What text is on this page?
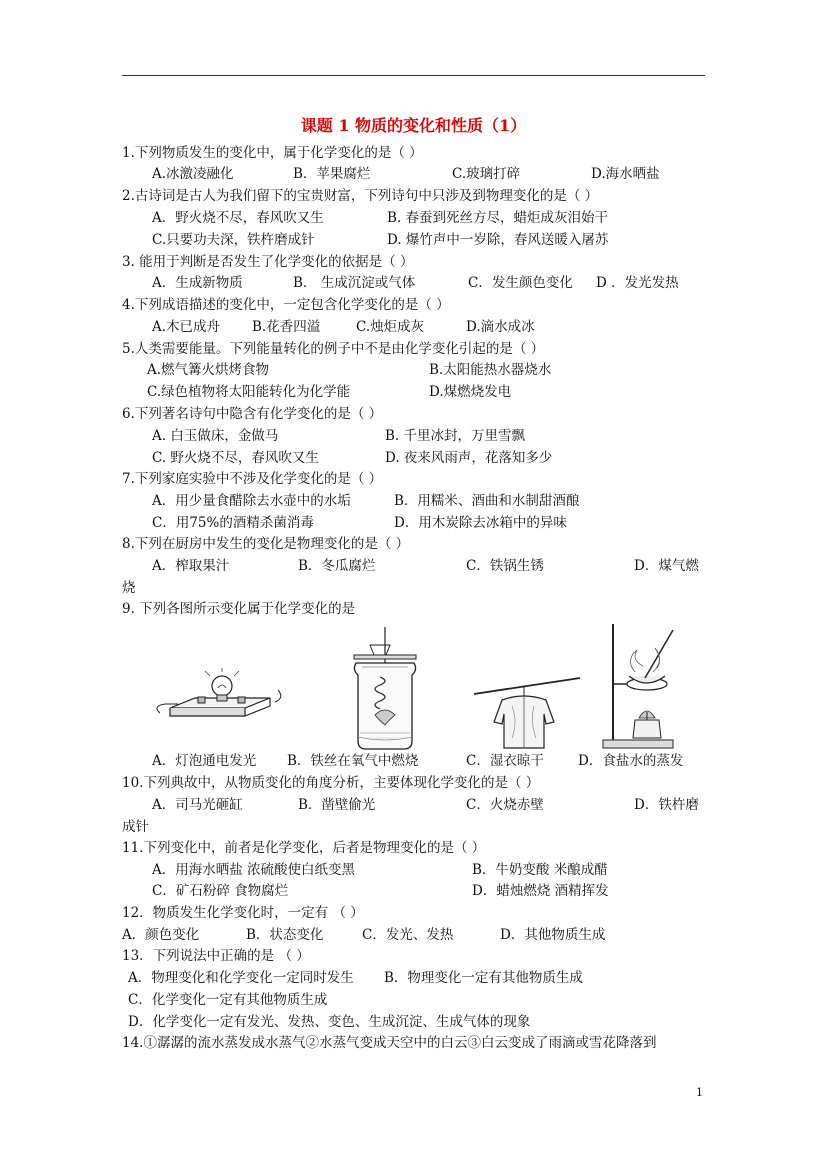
课题 1 物质的变化和性质（1）
1.下列物质发生的变化中，属于化学变化的是（ ）
A.冰激凌融化	B．苹果腐烂	C.玻璃打碎	D.海水晒盐
2.古诗词是古人为我们留下的宝贵财富，下列诗句中只涉及到物理变化的是（ ）
A．野火烧不尽，春风吹又生	B. 春蚕到死丝方尽，蜡炬成灰泪始干
C.只要功夫深，铁杵磨成针	D. 爆竹声中一岁除，春风送暖入屠苏
3. 能用于判断是否发生了化学变化的依据是（ ）
A．生成新物质	B． 生成沉淀或气体	C．发生颜色变化 D ．发光发热
4.下列成语描述的变化中，一定包含化学变化的是（ ）
A.木已成舟 B.花香四溢	C.烛炬成灰	D.滴水成冰
5.人类需要能量。下列能量转化的例子中不是由化学变化引起的是（ ）
A.燃气篝火烘烤食物	B.太阳能热水器烧水
C.绿色植物将太阳能转化为化学能	D.煤燃烧发电
6.下列著名诗句中隐含有化学变化的是（ ）
A. 白玉做床，金做马	B. 千里冰封，万里雪飘
C. 野火烧不尽，春风吹又生	D. 夜来风雨声，花落知多少
7.下列家庭实验中不涉及化学变化的是（ ）
A．用少量食醋除去水壶中的水垢	B．用糯米、酒曲和水制甜酒酿
C．用75%的酒精杀菌消毒	D．用木炭除去冰箱中的异味
8.下列在厨房中发生的变化是物理变化的是（ ）
A．榨取果汁	B．冬瓜腐烂	C．铁锅生锈	D．煤气燃
烧
9. 下列各图所示变化属于化学变化的是
A．灯泡通电发光 B．铁丝在氧气中燃烧	C．湿衣晾干	D．食盐水的蒸发
10.下列典故中，从物质变化的角度分析，主要体现化学变化的是（ ）
A．司马光砸缸	B．凿壁偷光	C．火烧赤壁	D．铁杵磨
成针
11.下列变化中，前者是化学变化，后者是物理变化的是（ ）
A．用海水晒盐 浓硫酸使白纸变黑	B．牛奶变酸 米酿成醋
C．矿石粉碎 食物腐烂	D．蜡烛燃烧 酒精挥发
12．物质发生化学变化时，一定有 （ ）
A．颜色变化	B．状态变化	C．发光、发热	D．其他物质生成
13．下列说法中正确的是 （ ）
A．物理变化和化学变化一定同时发生 B．物理变化一定有其他物质生成
C．化学变化一定有其他物质生成
D．化学变化一定有发光、发热、变色、生成沉淀、生成气体的现象
14.①潺潺的流水蒸发成水蒸气②水蒸气变成天空中的白云③白云变成了雨滴或雪花降落到
1
